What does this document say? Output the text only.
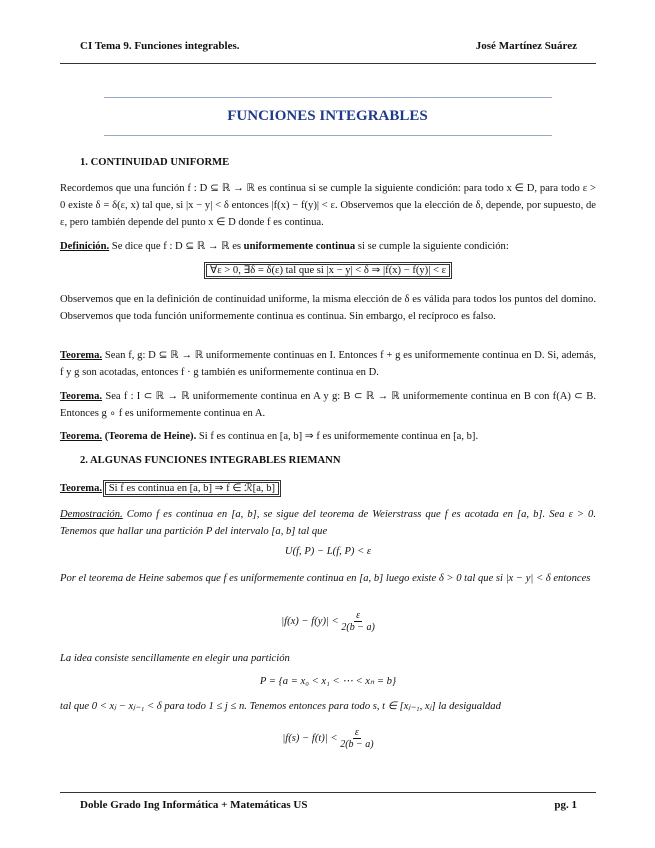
CI Tema 9. Funciones integrables.	José Martínez Suárez
FUNCIONES INTEGRABLES
1. CONTINUIDAD UNIFORME
Recordemos que una función f : D ⊆ ℝ → ℝ es continua si se cumple la siguiente condición: para todo x ∈ D, para todo ε > 0 existe δ = δ(ε, x) tal que, si |x − y| < δ entonces |f(x) − f(y)| < ε. Observemos que la elección de δ, depende, por supuesto, de ε, pero también depende del punto x ∈ D donde f es continua.
Definición. Se dice que f : D ⊆ ℝ → ℝ es uniformemente continua si se cumple la siguiente condición:
∀ε > 0, ∃δ = δ(ε) tal que si |x − y| < δ ⇒ |f(x) − f(y)| < ε
Observemos que en la definición de continuidad uniforme, la misma elección de δ es válida para todos los puntos del domino. Observemos que toda función uniformemente continua es continua. Sin embargo, el recíproco es falso.
Teorema. Sean f, g: D ⊆ ℝ → ℝ uniformemente continuas en I. Entonces f + g es uniformemente continua en D. Si, además, f y g son acotadas, entonces f · g también es uniformemente continua en D.
Teorema. Sea f : I ⊂ ℝ → ℝ uniformemente continua en A y g: B ⊂ ℝ → ℝ uniformemente continua en B con f(A) ⊂ B. Entonces g ∘ f es uniformemente continua en A.
Teorema. (Teorema de Heine). Si f es continua en [a, b] ⇒ f es uniformemente continua en [a, b].
2. ALGUNAS FUNCIONES INTEGRABLES RIEMANN
Teorema. Si f es continua en [a, b] ⇒ f ∈ ℛ[a, b]
Demostración. Como f es continua en [a, b], se sigue del teorema de Weierstrass que f es acotada en [a, b]. Sea ε > 0. Tenemos que hallar una partición P del intervalo [a, b] tal que
U(f, P) − L(f, P) < ε
Por el teorema de Heine sabemos que f es uniformemente continua en [a, b] luego existe δ > 0 tal que si |x − y| < δ entonces
$|f(x) - f(y)| < \frac{\varepsilon}{2(b - a)}$
La idea consiste sencillamente en elegir una partición
P = {a = x₀ < x₁ < ⋯ < xₙ = b}
tal que 0 < xⱼ − xⱼ₋₁ < δ para todo 1 ≤ j ≤ n. Tenemos entonces para todo s, t ∈ [xⱼ₋₁, xⱼ] la desigualdad
$|f(s) - f(t)| < \frac{\varepsilon}{2(b - a)}$
Doble Grado Ing Informática + Matemáticas US	pg. 1
